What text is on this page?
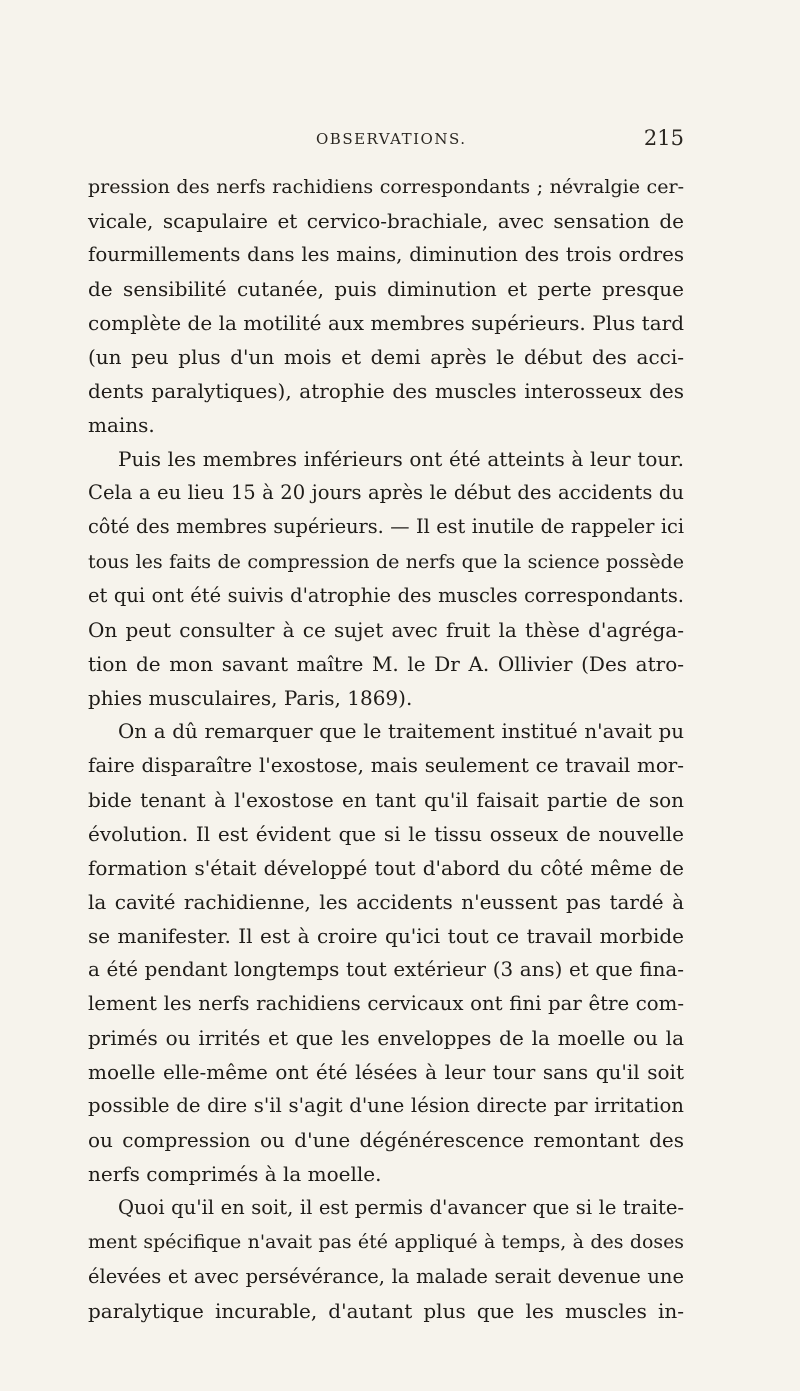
OBSERVATIONS.	215
pression des nerfs rachidiens correspondants ; névralgie cer-
vicale, scapulaire et cervico-brachiale, avec sensation de
fourmillements dans les mains, diminution des trois ordres
de sensibilité cutanée, puis diminution et perte presque
complète de la motilité aux membres supérieurs. Plus tard
(un peu plus d'un mois et demi après le début des acci-
dents paralytiques), atrophie des muscles interosseux des
mains.
Puis les membres inférieurs ont été atteints à leur tour.
Cela a eu lieu 15 à 20 jours après le début des accidents du
côté des membres supérieurs. — Il est inutile de rappeler ici
tous les faits de compression de nerfs que la science possède
et qui ont été suivis d'atrophie des muscles correspondants.
On peut consulter à ce sujet avec fruit la thèse d'agréga-
tion de mon savant maître M. le Dr A. Ollivier (Des atro-
phies musculaires, Paris, 1869).
On a dû remarquer que le traitement institué n'avait pu
faire disparaître l'exostose, mais seulement ce travail mor-
bide tenant à l'exostose en tant qu'il faisait partie de son
évolution. Il est évident que si le tissu osseux de nouvelle
formation s'était développé tout d'abord du côté même de
la cavité rachidienne, les accidents n'eussent pas tardé à
se manifester. Il est à croire qu'ici tout ce travail morbide
a été pendant longtemps tout extérieur (3 ans) et que fina-
lement les nerfs rachidiens cervicaux ont fini par être com-
primés ou irrités et que les enveloppes de la moelle ou la
moelle elle-même ont été lésées à leur tour sans qu'il soit
possible de dire s'il s'agit d'une lésion directe par irritation
ou compression ou d'une dégénérescence remontant des
nerfs comprimés à la moelle.
Quoi qu'il en soit, il est permis d'avancer que si le traite-
ment spécifique n'avait pas été appliqué à temps, à des doses
élevées et avec persévérance, la malade serait devenue une
paralytique incurable, d'autant plus que les muscles in-
